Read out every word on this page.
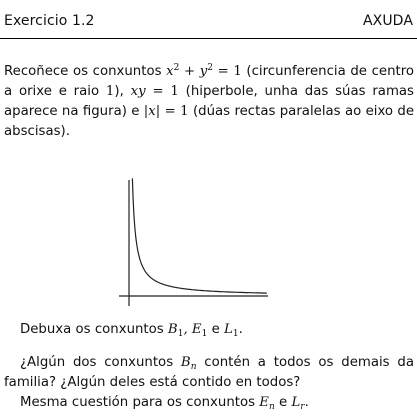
Exercicio 1.2	AXUDA

Recoñece os conxuntos $x^2 + y^2 = 1$ (circunferencia de centro a orixe e raio 1), xy = 1 (hiperbole, unha das súas ramas aparece na figura) e |x| = 1 (dúas rectas paralelas ao eixo de abscisas).

Debuxa os conxuntos $B_1$, $E_1$ e $L_1$.

¿Algún dos conxuntos $B_n$ contén a todos os demais da familia? ¿Algún deles está contido en todos?

Mesma cuestión para os conxuntos $E_n$ e $L_r$.
